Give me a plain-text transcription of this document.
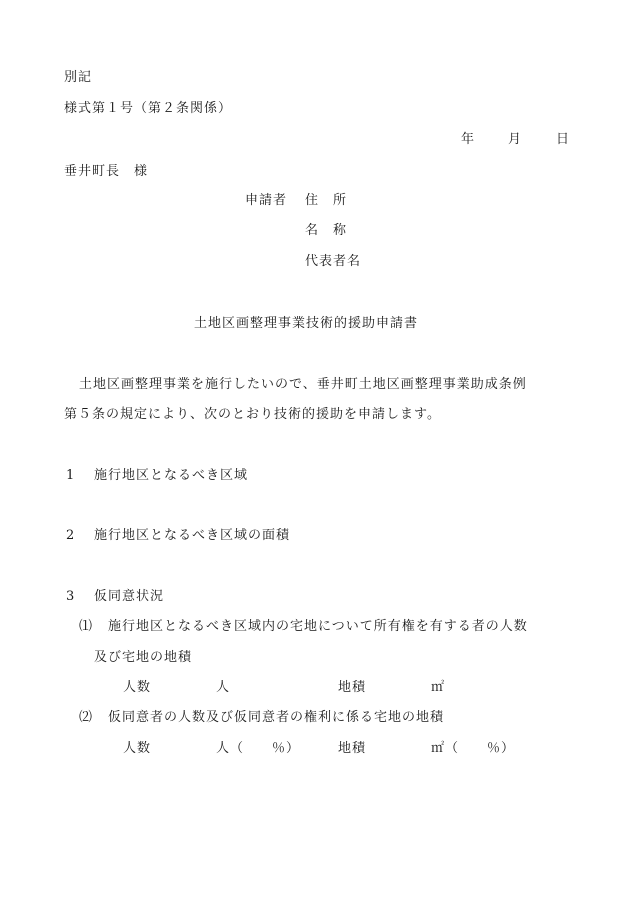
別記
様式第１号（第２条関係）
年	月	日
垂井町長　様
申請者 住　所
名　称
代表者名
土地区画整理事業技術的援助申請書
土地区画整理事業を施行したいので、垂井町土地区画整理事業助成条例
第５条の規定により、次のとおり技術的援助を申請します。
1 施行地区となるべき区域
2 施行地区となるべき区域の面積
3 仮同意状況
⑴ 施行地区となるべき区域内の宅地について所有権を有する者の人数
及び宅地の地積
人数	人	地積	㎡
⑵ 仮同意者の人数及び仮同意者の権利に係る宅地の地積
人数	人（　　％）	地積	㎡（　　％）
